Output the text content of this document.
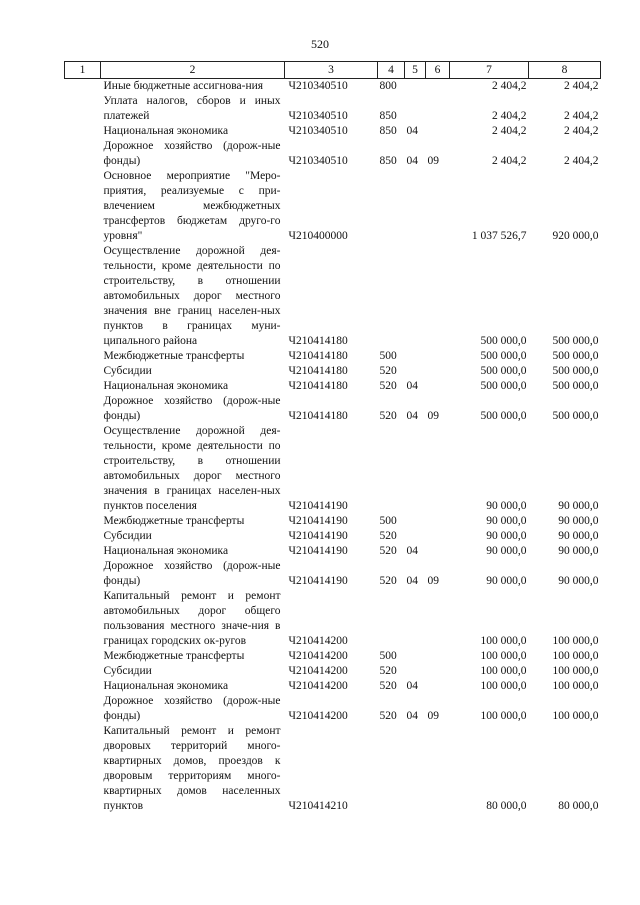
520
1	2	3	4	5	6	7	8
	Иные бюджетные ассигнова-ния	Ч210340510	800			2 404,2	2 404,2
	Уплата налогов, сборов и иных платежей	Ч210340510	850			2 404,2	2 404,2
	Национальная экономика	Ч210340510	850	04		2 404,2	2 404,2
	Дорожное хозяйство (дорож-ные фонды)	Ч210340510	850	04	09	2 404,2	2 404,2
	Основное мероприятие "Меро-приятия, реализуемые с при-влечением межбюджетных трансфертов бюджетам друго-го уровня"	Ч210400000				1 037 526,7	920 000,0
	Осуществление дорожной дея-тельности, кроме деятельности по строительству, в отношении автомобильных дорог местного значения вне границ населен-ных пунктов в границах муни-ципального района	Ч210414180				500 000,0	500 000,0
	Межбюджетные трансферты	Ч210414180	500			500 000,0	500 000,0
	Субсидии	Ч210414180	520			500 000,0	500 000,0
	Национальная экономика	Ч210414180	520	04		500 000,0	500 000,0
	Дорожное хозяйство (дорож-ные фонды)	Ч210414180	520	04	09	500 000,0	500 000,0
	Осуществление дорожной дея-тельности, кроме деятельности по строительству, в отношении автомобильных дорог местного значения в границах населен-ных пунктов поселения	Ч210414190				90 000,0	90 000,0
	Межбюджетные трансферты	Ч210414190	500			90 000,0	90 000,0
	Субсидии	Ч210414190	520			90 000,0	90 000,0
	Национальная экономика	Ч210414190	520	04		90 000,0	90 000,0
	Дорожное хозяйство (дорож-ные фонды)	Ч210414190	520	04	09	90 000,0	90 000,0
	Капитальный ремонт и ремонт автомобильных дорог общего пользования местного значе-ния в границах городских ок-ругов	Ч210414200				100 000,0	100 000,0
	Межбюджетные трансферты	Ч210414200	500			100 000,0	100 000,0
	Субсидии	Ч210414200	520			100 000,0	100 000,0
	Национальная экономика	Ч210414200	520	04		100 000,0	100 000,0
	Дорожное хозяйство (дорож-ные фонды)	Ч210414200	520	04	09	100 000,0	100 000,0
	Капитальный ремонт и ремонт дворовых территорий много-квартирных домов, проездов к дворовым территориям много-квартирных домов населенных пунктов	Ч210414210				80 000,0	80 000,0
